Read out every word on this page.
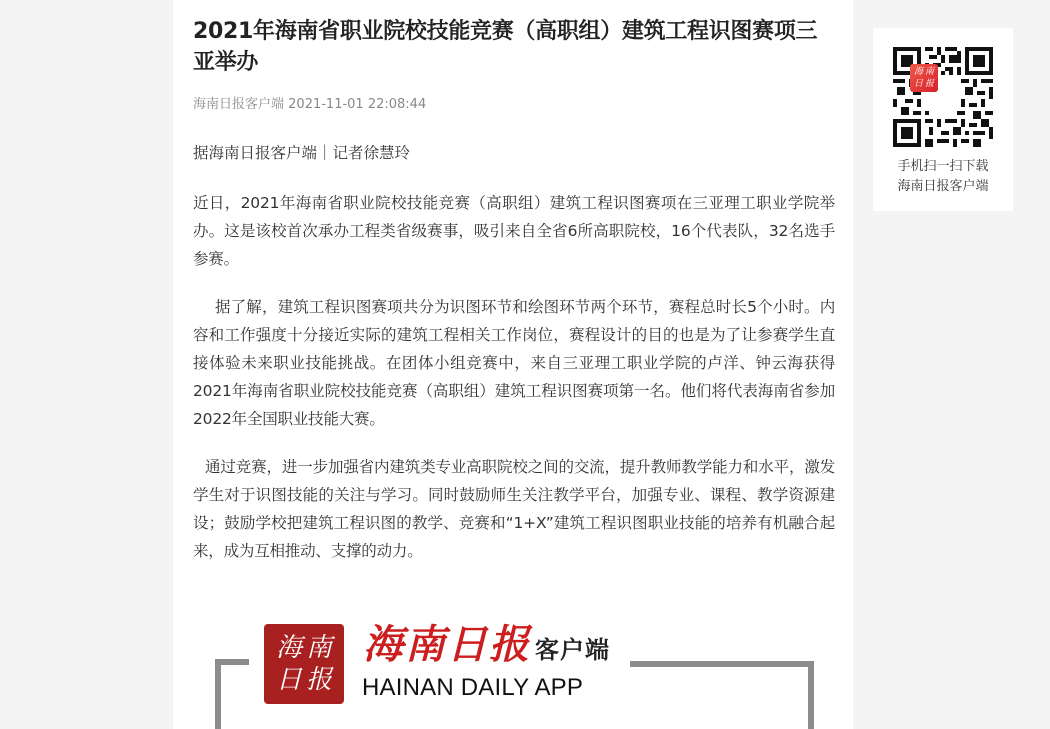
2021年海南省职业院校技能竞赛（高职组）建筑工程识图赛项三亚举办
海南日报客户端 2021-11-01 22:08:44

据海南日报客户端｜记者徐慧玲

近日，2021年海南省职业院校技能竞赛（高职组）建筑工程识图赛项在三亚理工职业学院举办。这是该校首次承办工程类省级赛事，吸引来自全省6所高职院校，16个代表队，32名选手参赛。

据了解，建筑工程识图赛项共分为识图环节和绘图环节两个环节，赛程总时长5个小时。内容和工作强度十分接近实际的建筑工程相关工作岗位，赛程设计的目的也是为了让参赛学生直接体验未来职业技能挑战。在团体小组竞赛中，来自三亚理工职业学院的卢洋、钟云海获得2021年海南省职业院校技能竞赛（高职组）建筑工程识图赛项第一名。他们将代表海南省参加2022年全国职业技能大赛。

通过竞赛，进一步加强省内建筑类专业高职院校之间的交流，提升教师教学能力和水平，激发学生对于识图技能的关注与学习。同时鼓励师生关注教学平台，加强专业、课程、教学资源建设；鼓励学校把建筑工程识图的教学、竞赛和“1+X”建筑工程识图职业技能的培养有机融合起来，成为互相推动、支撑的动力。

海 南
日 报
海南日报 客户端
HAINAN DAILY APP
海 南
日 报
手机扫一扫下载
海南日报客户端
